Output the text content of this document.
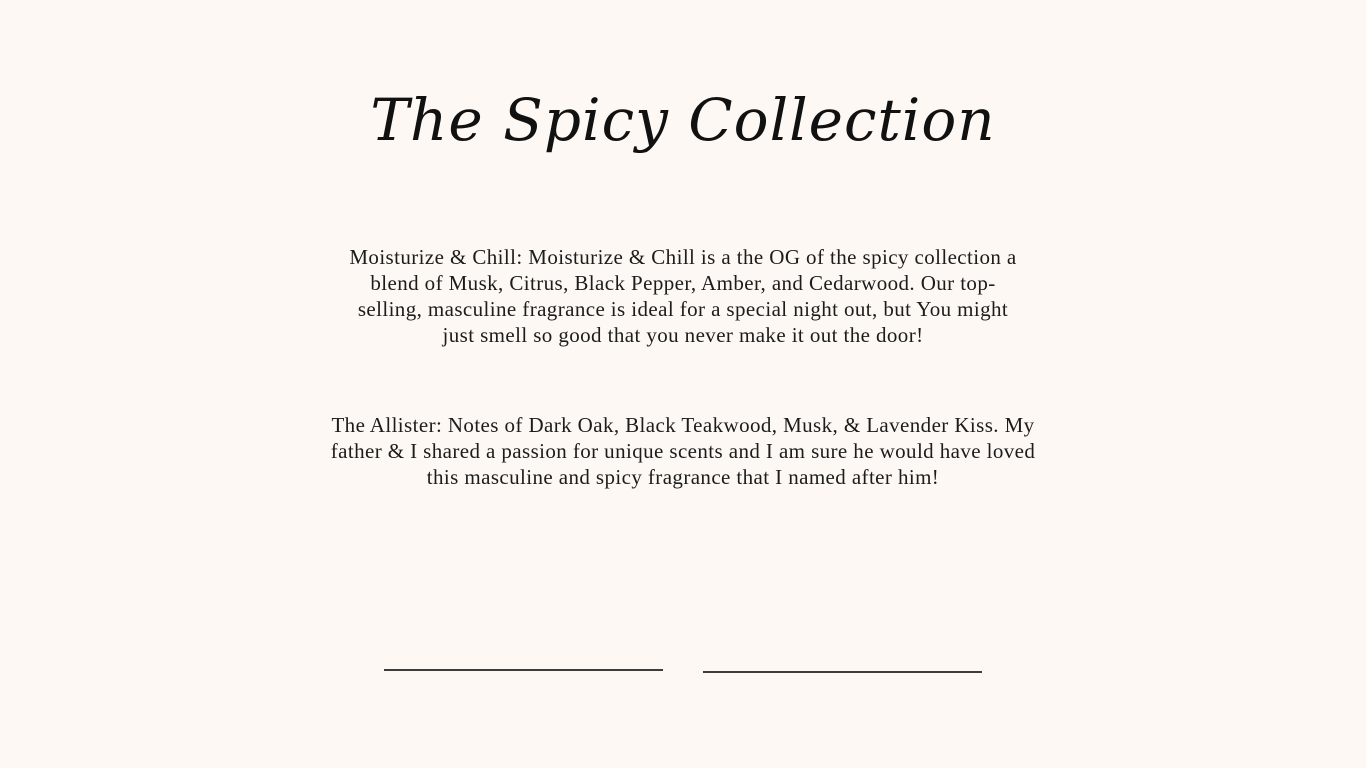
The Spicy Collection

Moisturize & Chill: Moisturize & Chill is a the OG of the spicy collection a blend of Musk, Citrus, Black Pepper, Amber, and Cedarwood. Our top-selling, masculine fragrance is ideal for a special night out, but You might just smell so good that you never make it out the door!

The Allister: Notes of Dark Oak, Black Teakwood, Musk, & Lavender Kiss. My father & I shared a passion for unique scents and I am sure he would have loved this masculine and spicy fragrance that I named after him!
